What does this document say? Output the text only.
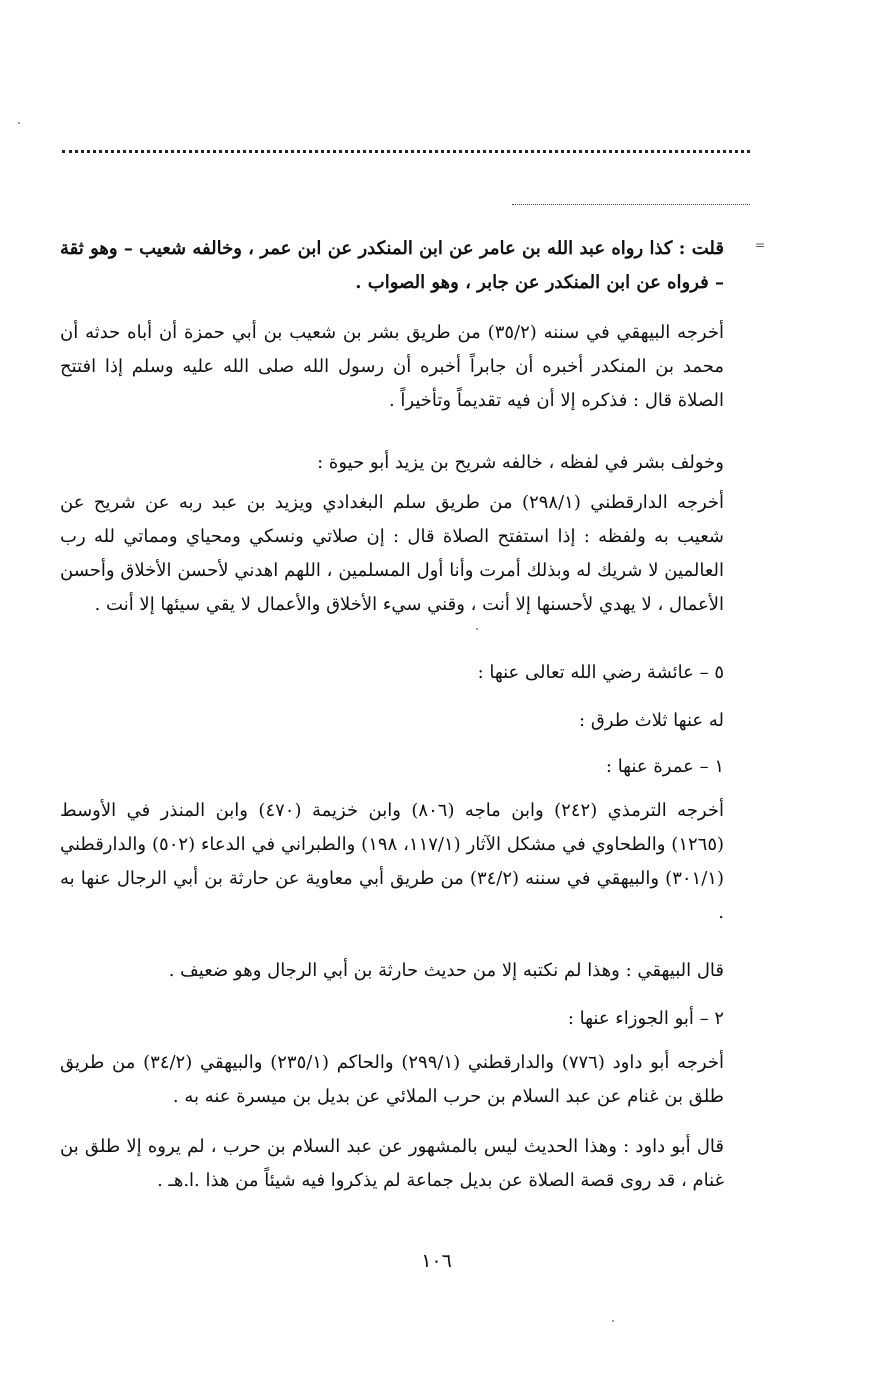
=

قلت : كذا رواه عبد الله بن عامر عن ابن المنكدر عن ابن عمر ، وخالفه شعيب – وهو ثقة – فرواه عن ابن المنكدر عن جابر ، وهو الصواب .

أخرجه البيهقي في سننه (٣٥/٢) من طريق بشر بن شعيب بن أبي حمزة أن أباه حدثه أن محمد بن المنكدر أخبره أن جابراً أخبره أن رسول الله صلى الله عليه وسلم إذا افتتح الصلاة قال : فذكره إلا أن فيه تقديماً وتأخيراً .

وخولف بشر في لفظه ، خالفه شريح بن يزيد أبو حيوة :

أخرجه الدارقطني (٢٩٨/١) من طريق سلم البغدادي ويزيد بن عبد ربه عن شريح عن شعيب به ولفظه : إذا استفتح الصلاة قال : إن صلاتي ونسكي ومحياي ومماتي لله رب العالمين لا شريك له وبذلك أمرت وأنا أول المسلمين ، اللهم اهدني لأحسن الأخلاق وأحسن الأعمال ، لا يهدي لأحسنها إلا أنت ، وقني سيء الأخلاق والأعمال لا يقي سيئها إلا أنت .

٥ – عائشة رضي الله تعالى عنها :

له عنها ثلاث طرق :

١ – عمرة عنها :

أخرجه الترمذي (٢٤٢) وابن ماجه (٨٠٦) وابن خزيمة (٤٧٠) وابن المنذر في الأوسط (١٢٦٥) والطحاوي في مشكل الآثار (١١٧/١، ١٩٨) والطبراني في الدعاء (٥٠٢) والدارقطني (٣٠١/١) والبيهقي في سننه (٣٤/٢) من طريق أبي معاوية عن حارثة بن أبي الرجال عنها به .

قال البيهقي : وهذا لم نكتبه إلا من حديث حارثة بن أبي الرجال وهو ضعيف .

٢ – أبو الجوزاء عنها :

أخرجه أبو داود (٧٧٦) والدارقطني (٢٩٩/١) والحاكم (٢٣٥/١) والبيهقي (٣٤/٢) من طريق طلق بن غنام عن عبد السلام بن حرب الملائي عن بديل بن ميسرة عنه به .

قال أبو داود : وهذا الحديث ليس بالمشهور عن عبد السلام بن حرب ، لم يروه إلا طلق بن غنام ، قد روى قصة الصلاة عن بديل جماعة لم يذكروا فيه شيئاً من هذا .ا.هـ .

١٠٦
